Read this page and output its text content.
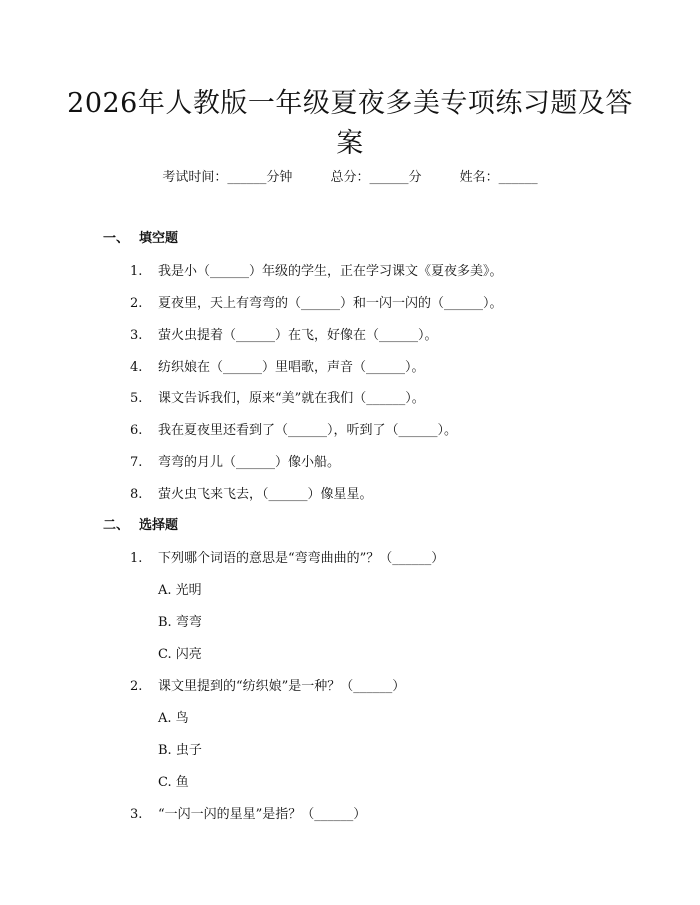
2026年人教版一年级夏夜多美专项练习题及答案
考试时间：______分钟	总分：______分	姓名：______
一、 填空题
1. 我是小（______）年级的学生，正在学习课文《夏夜多美》。
2. 夏夜里，天上有弯弯的（______）和一闪一闪的（______）。
3. 萤火虫提着（______）在飞，好像在（______）。
4. 纺织娘在（______）里唱歌，声音（______）。
5. 课文告诉我们，原来“美”就在我们（______）。
6. 我在夏夜里还看到了（______），听到了（______）。
7. 弯弯的月儿（______）像小船。
8. 萤火虫飞来飞去，（______）像星星。
二、 选择题
1. 下列哪个词语的意思是“弯弯曲曲的”？（______）
A. 光明
B. 弯弯
C. 闪亮
2. 课文里提到的“纺织娘”是一种？（______）
A. 鸟
B. 虫子
C. 鱼
3. “一闪一闪的星星”是指？（______）
